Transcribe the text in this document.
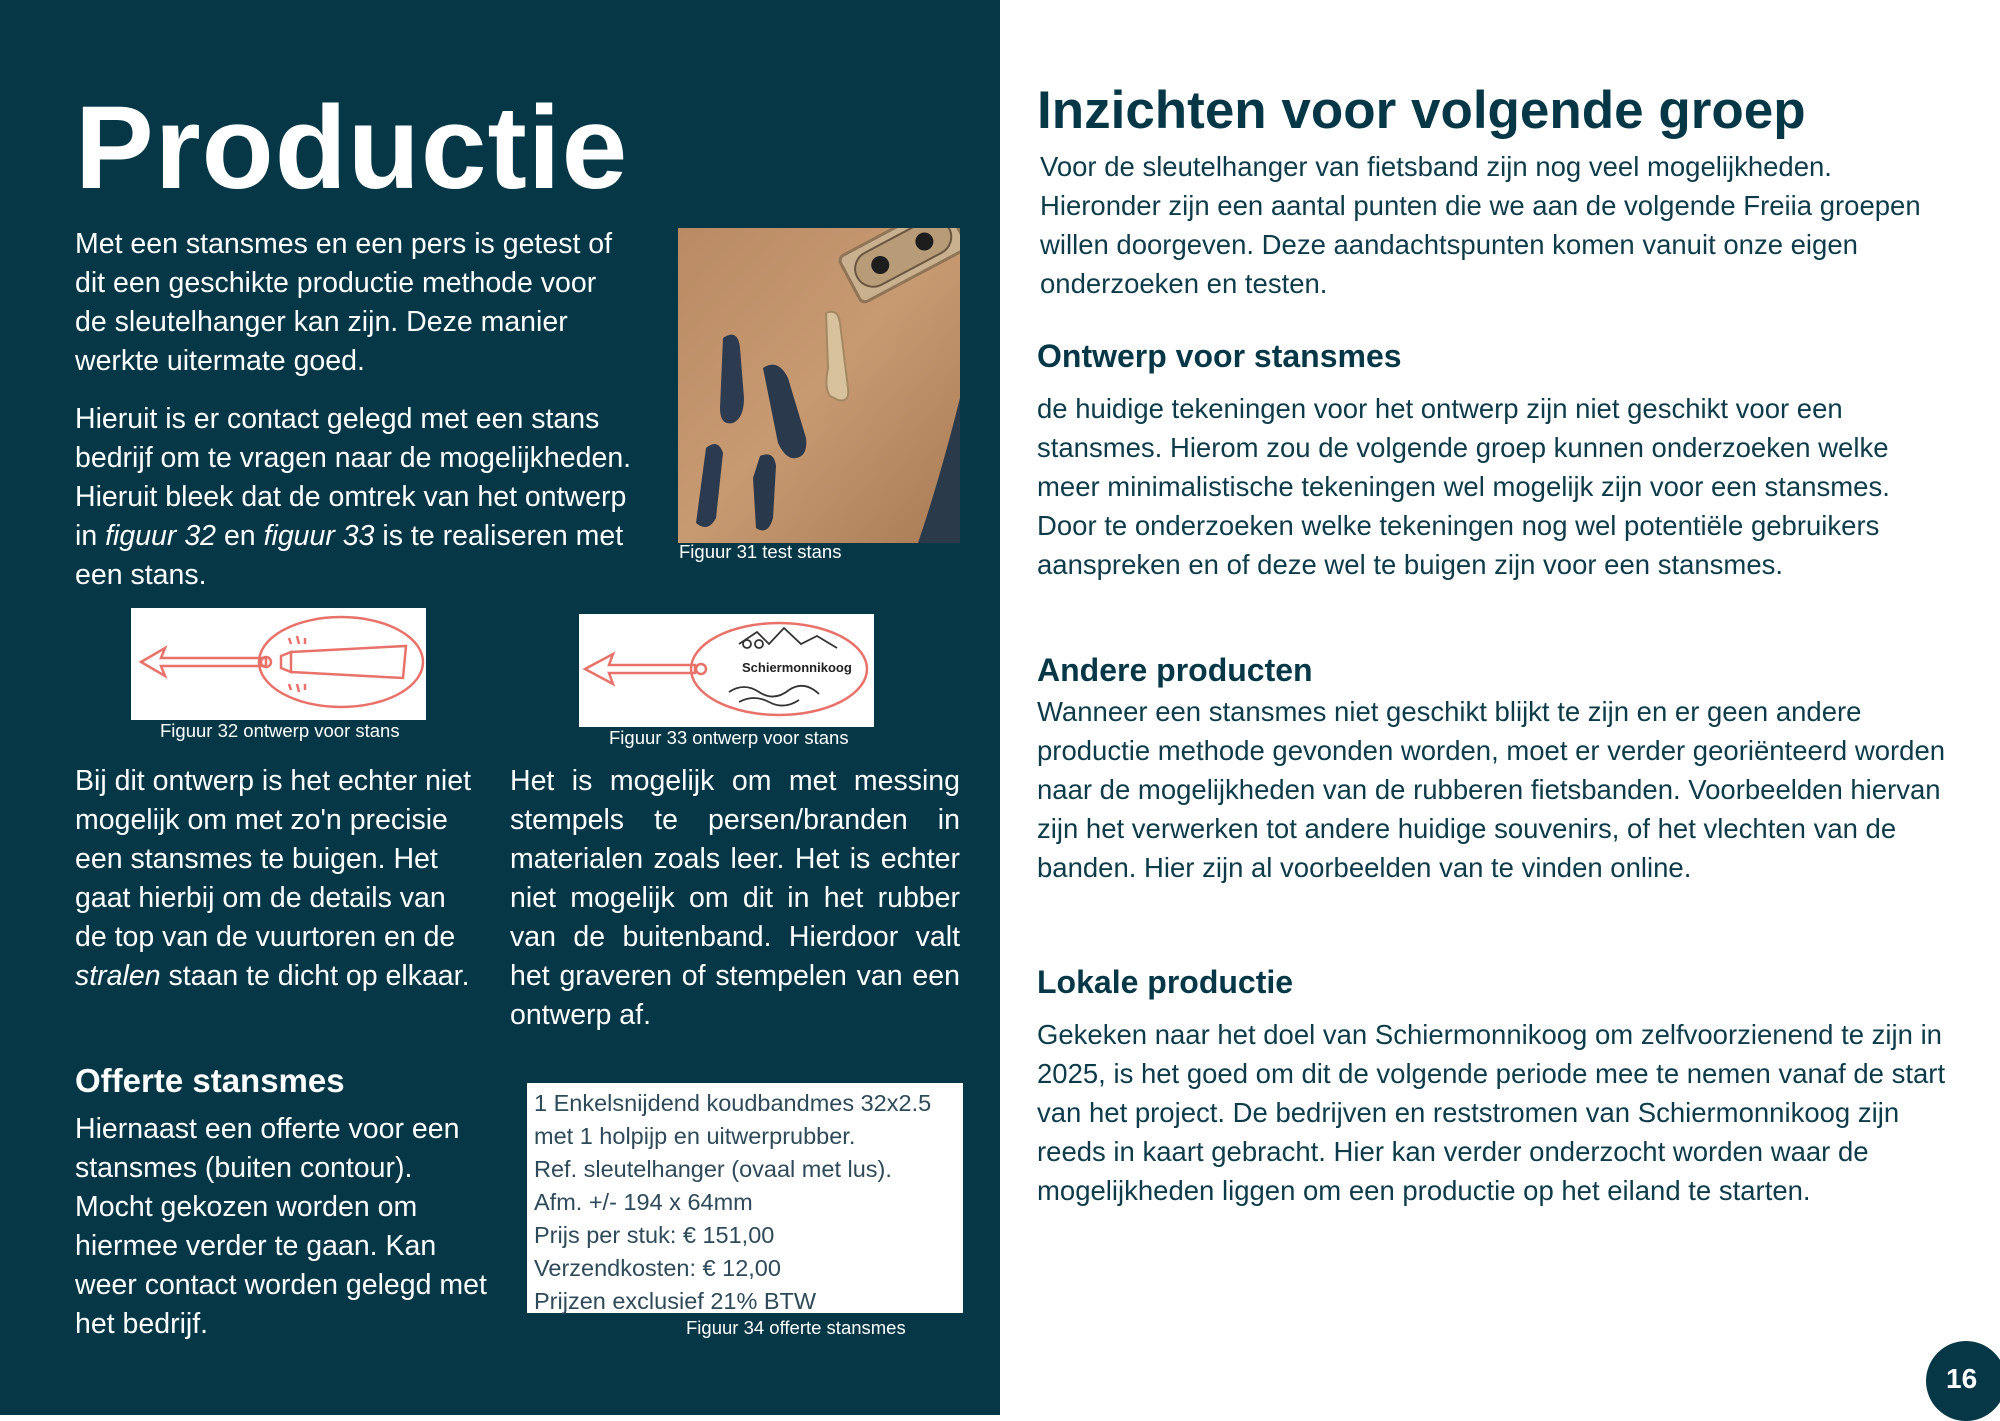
Productie

Met een stansmes en een pers is getest of dit een geschikte productie methode voor de sleutelhanger kan zijn. Deze manier werkte uitermate goed.

Hieruit is er contact gelegd met een stans bedrijf om te vragen naar de mogelijkheden. Hieruit bleek dat de omtrek van het ontwerp in figuur 32 en figuur 33 is te realiseren met een stans.

Figuur 31 test stans
Figuur 32 ontwerp voor stans
Schiermonnikoog
Figuur 33 ontwerp voor stans

Bij dit ontwerp is het echter niet mogelijk om met zo'n precisie een stansmes te buigen. Het gaat hierbij om de details van de top van de vuurtoren en de stralen staan te dicht op elkaar.

Het is mogelijk om met messing stempels te persen/branden in materialen zoals leer. Het is echter niet mogelijk om dit in het rubber van de buitenband. Hierdoor valt het graveren of stempelen van een ontwerp af.

Offerte stansmes

Hiernaast een offerte voor een stansmes (buiten contour). Mocht gekozen worden om hiermee verder te gaan. Kan weer contact worden gelegd met het bedrijf.

1 Enkelsnijdend koudbandmes 32x2.5
met 1 holpijp en uitwerprubber.
Ref. sleutelhanger (ovaal met lus).
Afm. +/- 194 x 64mm
Prijs per stuk: € 151,00
Verzendkosten: € 12,00
Prijzen exclusief 21% BTW
Figuur 34 offerte stansmes
Inzichten voor volgende groep

Voor de sleutelhanger van fietsband zijn nog veel mogelijkheden. Hieronder zijn een aantal punten die we aan de volgende Freiia groepen willen doorgeven. Deze aandachtspunten komen vanuit onze eigen onderzoeken en testen.

Ontwerp voor stansmes

de huidige tekeningen voor het ontwerp zijn niet geschikt voor een stansmes. Hierom zou de volgende groep kunnen onderzoeken welke meer minimalistische tekeningen wel mogelijk zijn voor een stansmes. Door te onderzoeken welke tekeningen nog wel potentiële gebruikers aanspreken en of deze wel te buigen zijn voor een stansmes.

Andere producten

Wanneer een stansmes niet geschikt blijkt te zijn en er geen andere productie methode gevonden worden, moet er verder georiënteerd worden naar de mogelijkheden van de rubberen fietsbanden. Voorbeelden hiervan zijn het verwerken tot andere huidige souvenirs, of het vlechten van de banden. Hier zijn al voorbeelden van te vinden online.

Lokale productie

Gekeken naar het doel van Schiermonnikoog om zelfvoorzienend te zijn in 2025, is het goed om dit de volgende periode mee te nemen vanaf de start van het project. De bedrijven en reststromen van Schiermonnikoog zijn reeds in kaart gebracht. Hier kan verder onderzocht worden waar de mogelijkheden liggen om een productie op het eiland te starten.

16
